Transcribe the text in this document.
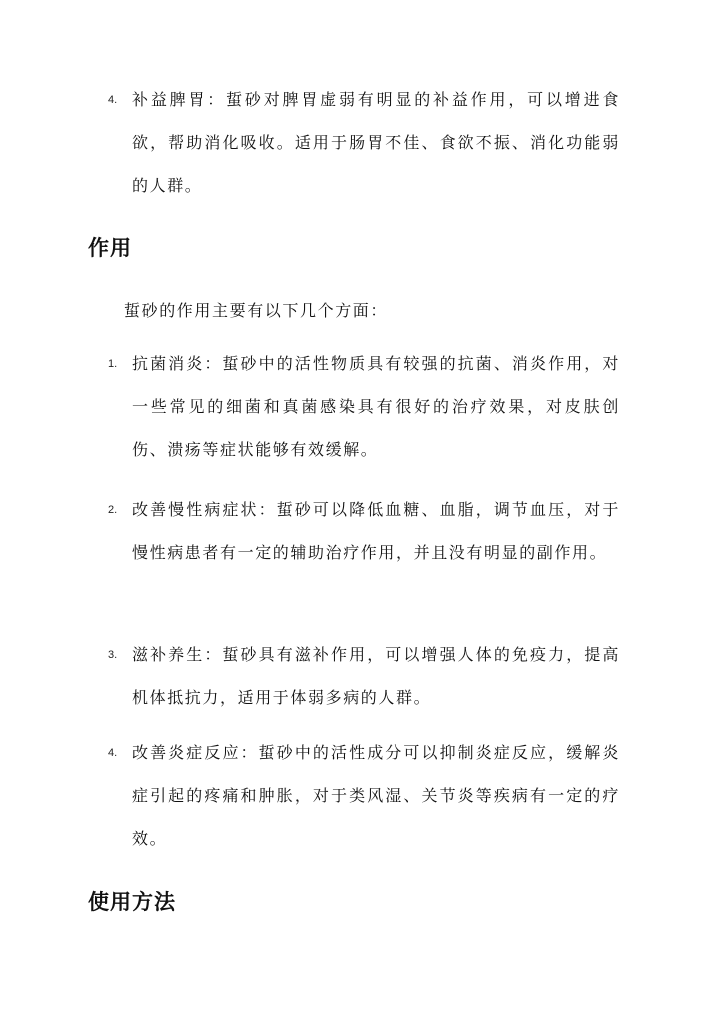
4. 补益脾胃：蜇砂对脾胃虚弱有明显的补益作用，可以增进食欲，帮助消化吸收。适用于肠胃不佳、食欲不振、消化功能弱的人群。
作用
蜇砂的作用主要有以下几个方面：
1. 抗菌消炎：蜇砂中的活性物质具有较强的抗菌、消炎作用，对一些常见的细菌和真菌感染具有很好的治疗效果，对皮肤创伤、溃疡等症状能够有效缓解。
2. 改善慢性病症状：蜇砂可以降低血糖、血脂，调节血压，对于慢性病患者有一定的辅助治疗作用，并且没有明显的副作用。
3. 滋补养生：蜇砂具有滋补作用，可以增强人体的免疫力，提高机体抵抗力，适用于体弱多病的人群。
4. 改善炎症反应：蜇砂中的活性成分可以抑制炎症反应，缓解炎症引起的疼痛和肿胀，对于类风湿、关节炎等疾病有一定的疗效。
使用方法
